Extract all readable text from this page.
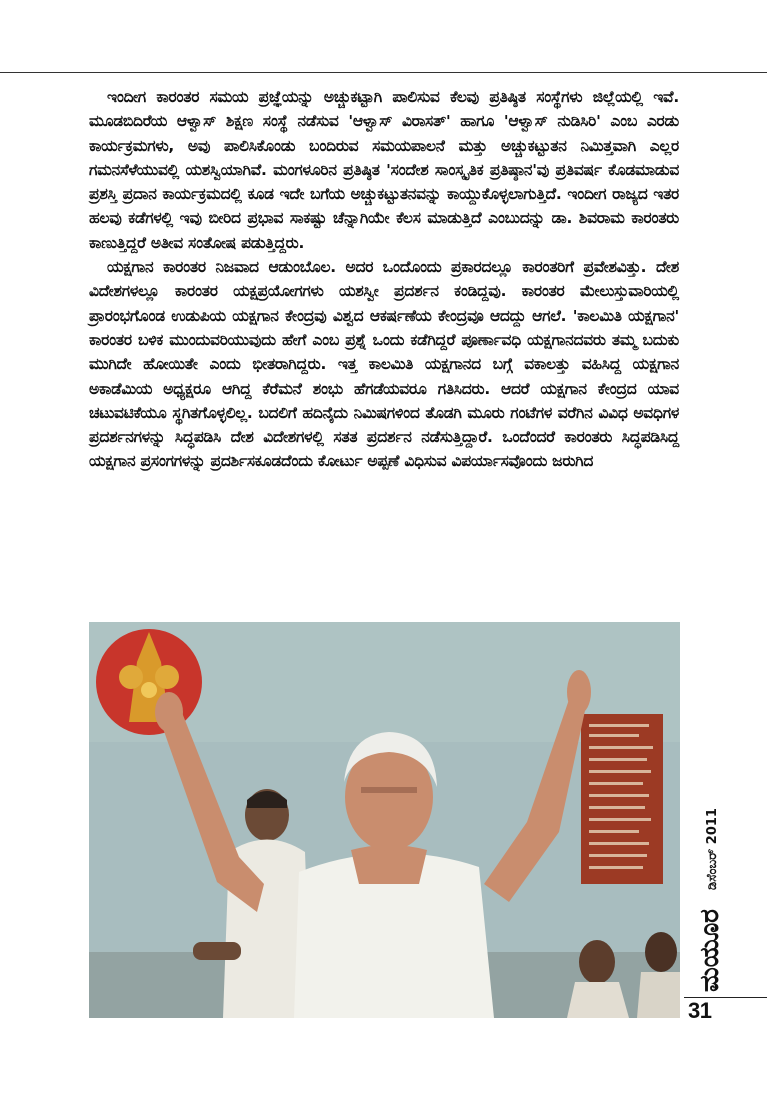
ಇಂದೀಗ ಕಾರಂತರ ಸಮಯ ಪ್ರಜ್ಞೆಯನ್ನು ಅಚ್ಚುಕಟ್ಟಾಗಿ ಪಾಲಿಸುವ ಕೆಲವು ಪ್ರತಿಷ್ಠಿತ ಸಂಸ್ಥೆಗಳು ಜಿಲ್ಲೆಯಲ್ಲಿ ಇವೆ. ಮೂಡಬಿದಿರೆಯ ಆಳ್ವಾಸ್ ಶಿಕ್ಷಣ ಸಂಸ್ಥೆ ನಡೆಸುವ 'ಆಳ್ವಾಸ್ ವಿರಾಸತ್' ಹಾಗೂ 'ಆಳ್ವಾಸ್ ನುಡಿಸಿರಿ' ಎಂಬ ಎರಡು ಕಾರ್ಯಕ್ರಮಗಳು, ಅವು ಪಾಲಿಸಿಕೊಂಡು ಬಂದಿರುವ ಸಮಯಪಾಲನೆ ಮತ್ತು ಅಚ್ಚುಕಟ್ಟುತನ ನಿಮಿತ್ತವಾಗಿ ಎಲ್ಲರ ಗಮನಸೆಳೆಯುವಲ್ಲಿ ಯಶಸ್ವಿಯಾಗಿವೆ. ಮಂಗಳೂರಿನ ಪ್ರತಿಷ್ಠಿತ 'ಸಂದೇಶ ಸಾಂಸ್ಕೃತಿಕ ಪ್ರತಿಷ್ಠಾನ'ವು ಪ್ರತಿವರ್ಷ ಕೊಡಮಾಡುವ ಪ್ರಶಸ್ತಿ ಪ್ರದಾನ ಕಾರ್ಯಕ್ರಮದಲ್ಲಿ ಕೂಡ ಇದೇ ಬಗೆಯ ಅಚ್ಚುಕಟ್ಟುತನವನ್ನು ಕಾಯ್ದುಕೊಳ್ಳಲಾಗುತ್ತಿದೆ. ಇಂದೀಗ ರಾಜ್ಯದ ಇತರ ಹಲವು ಕಡೆಗಳಲ್ಲಿ ಇವು ಬೀರಿದ ಪ್ರಭಾವ ಸಾಕಷ್ಟು ಚೆನ್ನಾಗಿಯೇ ಕೆಲಸ ಮಾಡುತ್ತಿದೆ ಎಂಬುದನ್ನು ಡಾ. ಶಿವರಾಮ ಕಾರಂತರು ಕಾಣುತ್ತಿದ್ದರೆ ಅತೀವ ಸಂತೋಷ ಪಡುತ್ತಿದ್ದರು.

ಯಕ್ಷಗಾನ ಕಾರಂತರ ನಿಜವಾದ ಆಡುಂಬೊಲ. ಅದರ ಒಂದೊಂದು ಪ್ರಕಾರದಲ್ಲೂ ಕಾರಂತರಿಗೆ ಪ್ರವೇಶವಿತ್ತು. ದೇಶ ವಿದೇಶಗಳಲ್ಲೂ ಕಾರಂತರ ಯಕ್ಷಪ್ರಯೋಗಗಳು ಯಶಸ್ವೀ ಪ್ರದರ್ಶನ ಕಂಡಿದ್ದವು. ಕಾರಂತರ ಮೇಲುಸ್ತುವಾರಿಯಲ್ಲಿ ಪ್ರಾರಂಭಗೊಂಡ ಉಡುಪಿಯ ಯಕ್ಷಗಾನ ಕೇಂದ್ರವು ವಿಶ್ವದ ಆಕರ್ಷಣೆಯ ಕೇಂದ್ರವೂ ಆದದ್ದು ಆಗಲೆ. 'ಕಾಲಮಿತಿ ಯಕ್ಷಗಾನ' ಕಾರಂತರ ಬಳಿಕ ಮುಂದುವರಿಯುವುದು ಹೇಗೆ ಎಂಬ ಪ್ರಶ್ನೆ ಒಂದು ಕಡೆಗಿದ್ದರೆ ಪೂರ್ಣಾವಧಿ ಯಕ್ಷಗಾನದವರು ತಮ್ಮ ಬದುಕು ಮುಗಿದೇ ಹೋಯಿತೇ ಎಂದು ಭೀತರಾಗಿದ್ದರು. ಇತ್ತ ಕಾಲಮಿತಿ ಯಕ್ಷಗಾನದ ಬಗ್ಗೆ ವಕಾಲತ್ತು ವಹಿಸಿದ್ದ ಯಕ್ಷಗಾನ ಅಕಾಡೆಮಿಯ ಅಧ್ಯಕ್ಷರೂ ಆಗಿದ್ದ ಕೆರೆಮನೆ ಶಂಭು ಹೆಗಡೆಯವರೂ ಗತಿಸಿದರು. ಆದರೆ ಯಕ್ಷಗಾನ ಕೇಂದ್ರದ ಯಾವ ಚಟುವಟಿಕೆಯೂ ಸ್ಥಗಿತಗೊಳ್ಳಲಿಲ್ಲ. ಬದಲಿಗೆ ಹದಿನೈದು ನಿಮಿಷಗಳಿಂದ ತೊಡಗಿ ಮೂರು ಗಂಟೆಗಳ ವರೆಗಿನ ವಿವಿಧ ಅವಧಿಗಳ ಪ್ರದರ್ಶನಗಳನ್ನು ಸಿದ್ಧಪಡಿಸಿ ದೇಶ ವಿದೇಶಗಳಲ್ಲಿ ಸತತ ಪ್ರದರ್ಶನ ನಡೆಸುತ್ತಿದ್ದಾರೆ. ಒಂದೆಂದರೆ ಕಾರಂತರು ಸಿದ್ಧಪಡಿಸಿದ್ದ ಯಕ್ಷಗಾನ ಪ್ರಸಂಗಗಳನ್ನು ಪ್ರದರ್ಶಿಸಕೂಡದೆಂದು ಕೋರ್ಟು ಅಪ್ಪಣೆ ವಿಧಿಸುವ ವಿಪರ್ಯಾಸವೊಂದು ಜರುಗಿದ

ಡಿಸೆಂಬರ್ 2011
ಮಯೂರ
31
